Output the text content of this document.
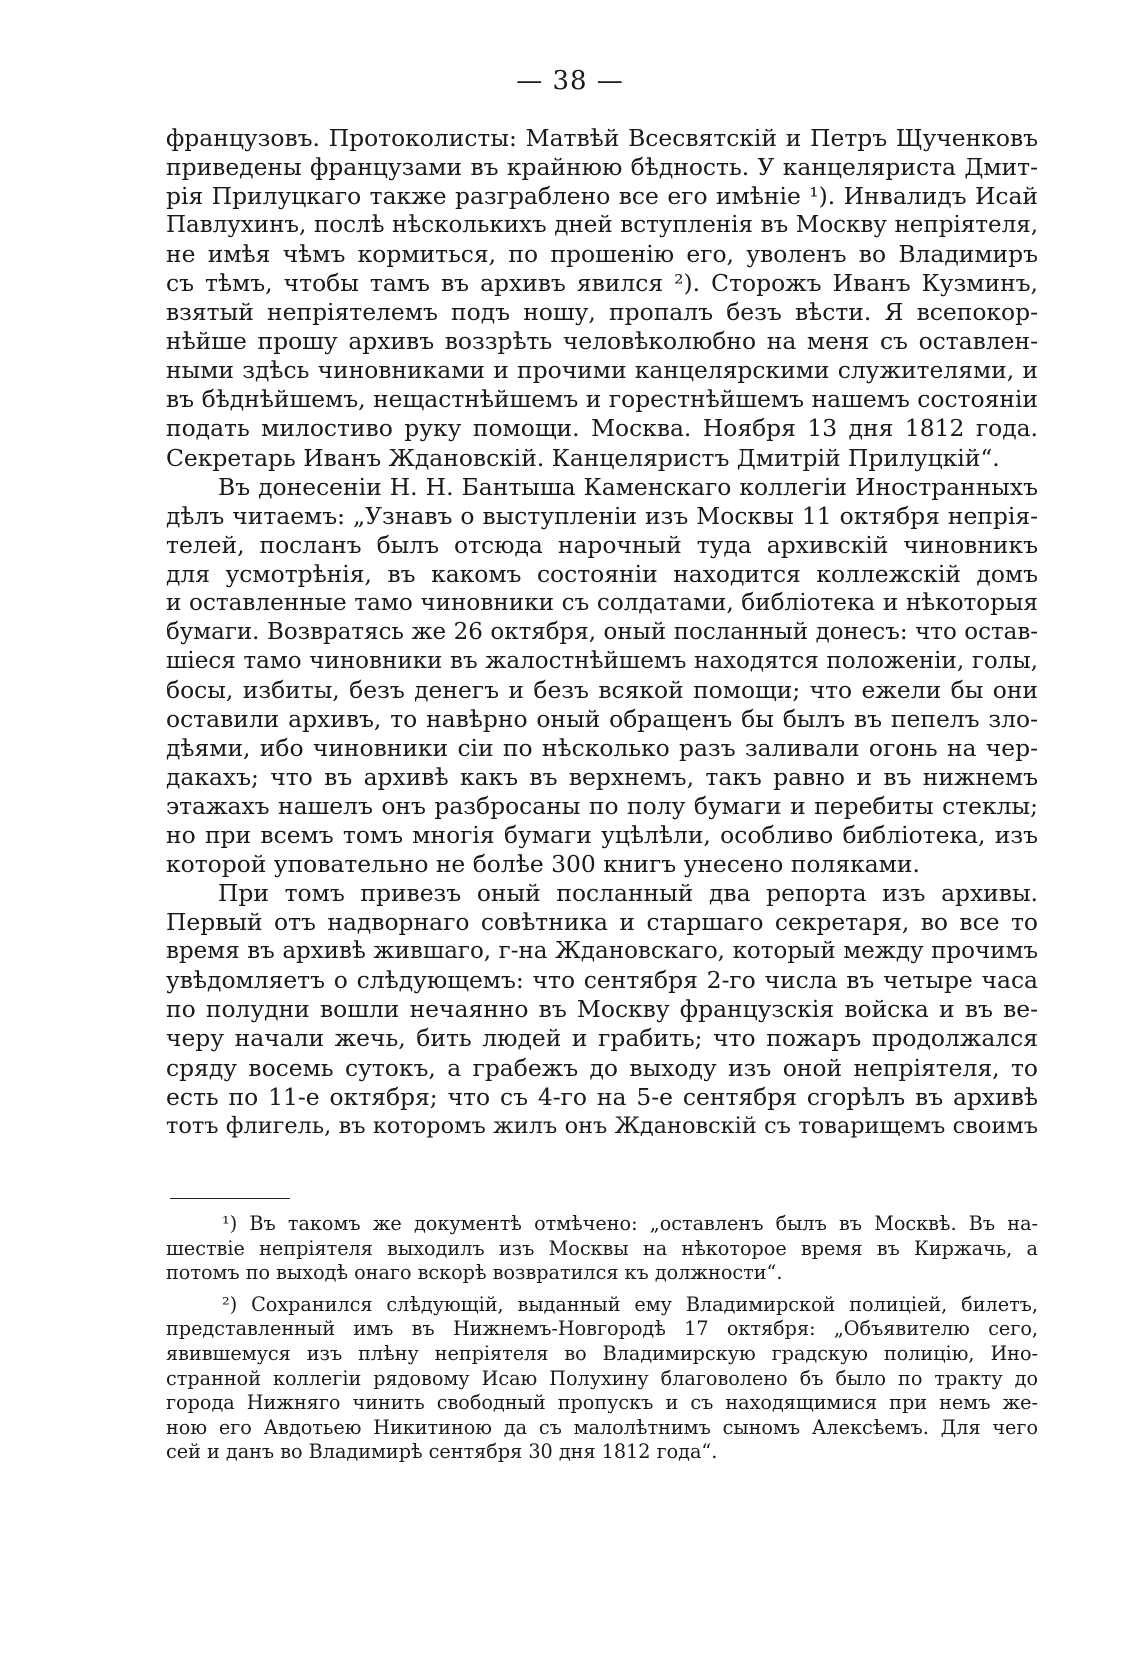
— 38 —
французовъ. Протоколисты: Матвѣй Всесвятскій и Петръ Щученковъ
приведены французами въ крайнюю бѣдность. У канцеляриста Дмит-
рія Прилуцкаго также разграблено все его имѣніе ¹). Инвалидъ Исай
Павлухинъ, послѣ нѣсколькихъ дней вступленія въ Москву непріятеля,
не имѣя чѣмъ кормиться, по прошенію его, уволенъ во Владимиръ
съ тѣмъ, чтобы тамъ въ архивъ явился ²). Сторожъ Иванъ Кузминъ,
взятый непріятелемъ подъ ношу, пропалъ безъ вѣсти. Я всепокор-
нѣйше прошу архивъ воззрѣть человѣколюбно на меня съ оставлен-
ными здѣсь чиновниками и прочими канцелярскими служителями, и
въ бѣднѣйшемъ, нещастнѣйшемъ и горестнѣйшемъ нашемъ состояніи
подать милостиво руку помощи. Москва. Ноября 13 дня 1812 года.
Секретарь Иванъ Ждановскій. Канцеляристъ Дмитрій Прилуцкій“.
Въ донесеніи Н. Н. Бантыша Каменскаго коллегіи Иностранныхъ
дѣлъ читаемъ: „Узнавъ о выступленіи изъ Москвы 11 октября непрія-
телей, посланъ былъ отсюда нарочный туда архивскій чиновникъ
для усмотрѣнія, въ какомъ состояніи находится коллежскій домъ
и оставленные тамо чиновники съ солдатами, библіотека и нѣкоторыя
бумаги. Возвратясь же 26 октября, оный посланный донесъ: что остав-
шіеся тамо чиновники въ жалостнѣйшемъ находятся положеніи, голы,
босы, избиты, безъ денегъ и безъ всякой помощи; что ежели бы они
оставили архивъ, то навѣрно оный обращенъ бы былъ въ пепелъ зло-
дѣями, ибо чиновники сіи по нѣсколько разъ заливали огонь на чер-
дакахъ; что въ архивѣ какъ въ верхнемъ, такъ равно и въ нижнемъ
этажахъ нашелъ онъ разбросаны по полу бумаги и перебиты стеклы;
но при всемъ томъ многія бумаги уцѣлѣли, особливо библіотека, изъ
которой уповательно не болѣе 300 книгъ унесено поляками.
При томъ привезъ оный посланный два репорта изъ архивы.
Первый отъ надворнаго совѣтника и старшаго секретаря, во все то
время въ архивѣ жившаго, г-на Ждановскаго, который между прочимъ
увѣдомляетъ о слѣдующемъ: что сентября 2-го числа въ четыре часа
по полудни вошли нечаянно въ Москву французскія войска и въ ве-
черу начали жечь, бить людей и грабить; что пожаръ продолжался
сряду восемь сутокъ, а грабежъ до выходу изъ оной непріятеля, то
есть по 11-е октября; что съ 4-го на 5-е сентября сгорѣлъ въ архивѣ
тотъ флигель, въ которомъ жилъ онъ Ждановскій съ товарищемъ своимъ
¹) Въ такомъ же документѣ отмѣчено: „оставленъ былъ въ Москвѣ. Въ на-
шествіе непріятеля выходилъ изъ Москвы на нѣкоторое время въ Киржачь, а
потомъ по выходѣ онаго вскорѣ возвратился къ должности“.
²) Сохранился слѣдующій, выданный ему Владимирской полиціей, билетъ,
представленный имъ въ Нижнемъ-Новгородѣ 17 октября: „Объявителю сего,
явившемуся изъ плѣну непріятеля во Владимирскую градскую полицію, Ино-
странной коллегіи рядовому Исаю Полухину благоволено бъ было по тракту до
города Нижняго чинить свободный пропускъ и съ находящимися при немъ же-
ною его Авдотьею Никитиною да съ малолѣтнимъ сыномъ Алексѣемъ. Для чего
сей и данъ во Владимирѣ сентября 30 дня 1812 года“.
